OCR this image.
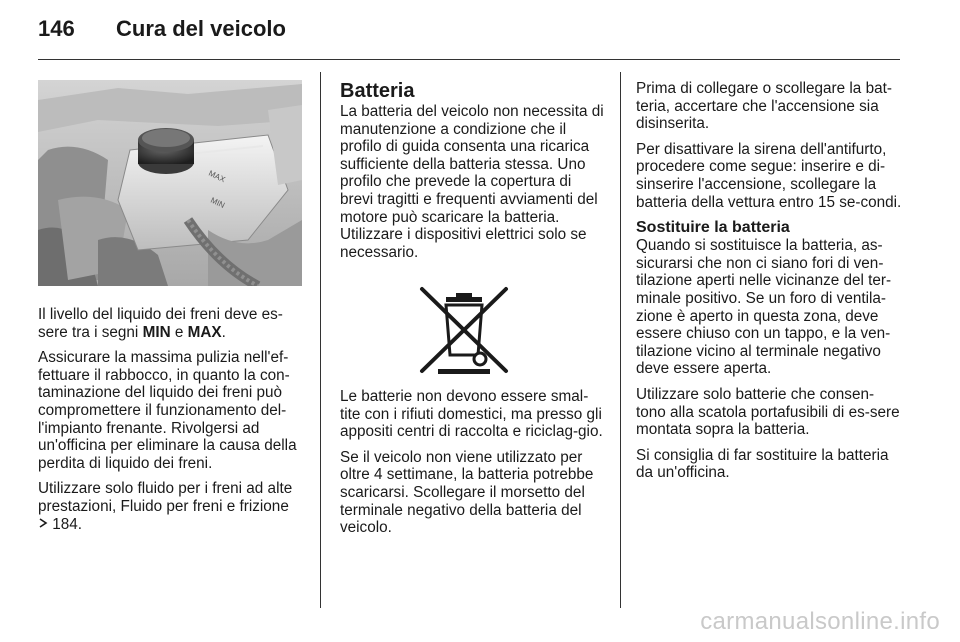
146 Cura del veicolo
MAX
MIN

Il livello del liquido dei freni deve es-sere tra i segni MIN e MAX.

Assicurare la massima pulizia nell'ef-fettuare il rabbocco, in quanto la con-taminazione del liquido dei freni può compromettere il funzionamento del-l'impianto frenante. Rivolgersi ad un'officina per eliminare la causa della perdita di liquido dei freni.

Utilizzare solo fluido per i freni ad alte prestazioni, Fluido per freni e frizione
184.

Batteria

La batteria del veicolo non necessita di manutenzione a condizione che il profilo di guida consenta una ricarica sufficiente della batteria stessa. Uno profilo che prevede la copertura di brevi tragitti e frequenti avviamenti del motore può scaricare la batteria. Utilizzare i dispositivi elettrici solo se necessario.

Le batterie non devono essere smal-tite con i rifiuti domestici, ma presso gli appositi centri di raccolta e riciclag-gio.

Se il veicolo non viene utilizzato per oltre 4 settimane, la batteria potrebbe scaricarsi. Scollegare il morsetto del terminale negativo della batteria del veicolo.

Prima di collegare o scollegare la bat-teria, accertare che l'accensione sia disinserita.

Per disattivare la sirena dell'antifurto, procedere come segue: inserire e di-sinserire l'accensione, scollegare la batteria della vettura entro 15 se-condi.

Sostituire la batteria

Quando si sostituisce la batteria, as-sicurarsi che non ci siano fori di ven-tilazione aperti nelle vicinanze del ter-minale positivo. Se un foro di ventila-zione è aperto in questa zona, deve essere chiuso con un tappo, e la ven-tilazione vicino al terminale negativo deve essere aperta.

Utilizzare solo batterie che consen-tono alla scatola portafusibili di es-sere montata sopra la batteria.

Si consiglia di far sostituire la batteria da un'officina.

carmanualsonline.info
